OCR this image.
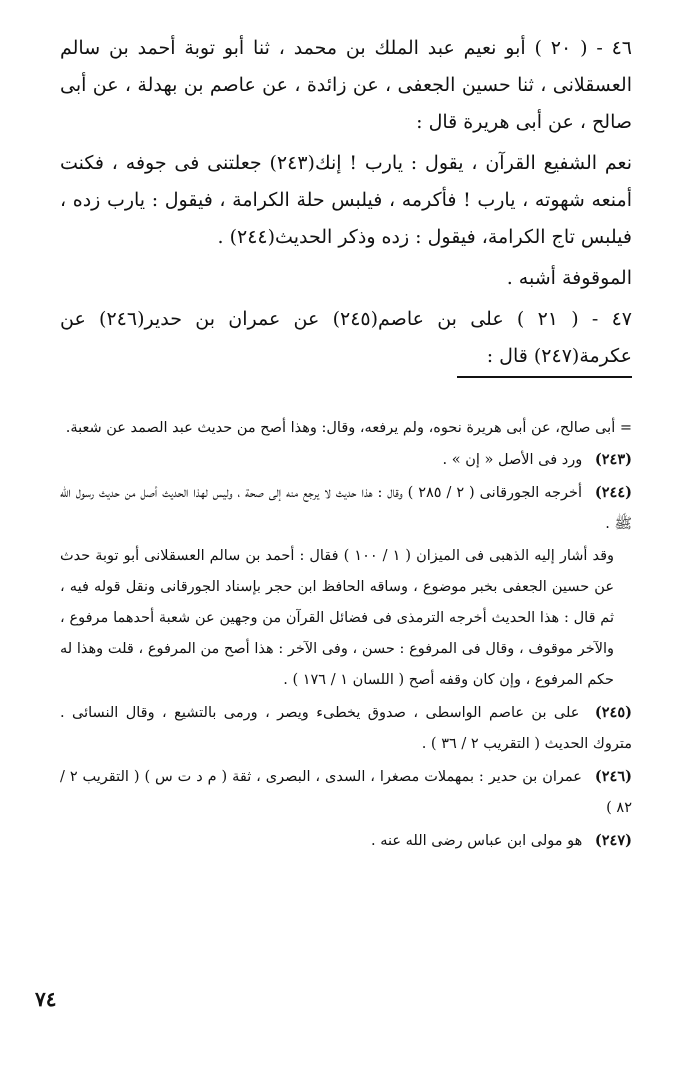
٤٦ - ( ٢٠ ) أبو نعيم عبد الملك بن محمد ، ثنا أبو توبة أحمد بن سالم العسقلانى ، ثنا حسين الجعفى ، عن زائدة ، عن عاصم بن بهدلة ، عن أبى صالح ، عن أبى هريرة قال :

نعم الشفيع القرآن ، يقول : يارب ! إنك(٢٤٣) جعلتنى فى جوفه ، فكنت أمنعه شهوته ، يارب ! فأكرمه ، فيلبس حلة الكرامة ، فيقول : يارب زده ، فيلبس تاج الكرامة، فيقول : زده وذكر الحديث(٢٤٤) .

الموقوفة أشبه .

٤٧ - ( ٢١ ) على بن عاصم(٢٤٥) عن عمران بن حدير(٢٤٦) عن عكرمة(٢٤٧) قال :

= أبى صالح، عن أبى هريرة نحوه، ولم يرفعه، وقال: وهذا أصح من حديث عبد الصمد عن شعبة.

(٢٤٣) ورد فى الأصل « إن » .

(٢٤٤) أخرجه الجورقانى ( ٢ / ٢٨٥ ) وقال : هذا حديث لا يرجع منه إلى صحة ، وليس لهذا الحديث أصل من حديث رسول الله ﷺ .

وقد أشار إليه الذهبى فى الميزان ( ١ / ١٠٠ ) فقال : أحمد بن سالم العسقلانى أبو توبة حدث عن حسين الجعفى بخبر موضوع ، وساقه الحافظ ابن حجر بإسناد الجورقانى ونقل قوله فيه ، ثم قال : هذا الحديث أخرجه الترمذى فى فضائل القرآن من وجهين عن شعبة أحدهما مرفوع ، والآخر موقوف ، وقال فى المرفوع : حسن ، وفى الآخر : هذا أصح من المرفوع ، قلت وهذا له حكم المرفوع ، وإن كان وقفه أصح ( اللسان ١ / ١٧٦ ) .

(٢٤٥) على بن عاصم الواسطى ، صدوق يخطىء ويصر ، ورمى بالتشيع ، وقال النسائى . متروك الحديث ( التقريب ٢ / ٣٦ ) .

(٢٤٦) عمران بن حدير : بمهملات مصغرا ، السدى ، البصرى ، ثقة ( م د ت س ) ( التقريب ٢ / ٨٢ )

(٢٤٧) هو مولى ابن عباس رضى الله عنه .

٧٤
